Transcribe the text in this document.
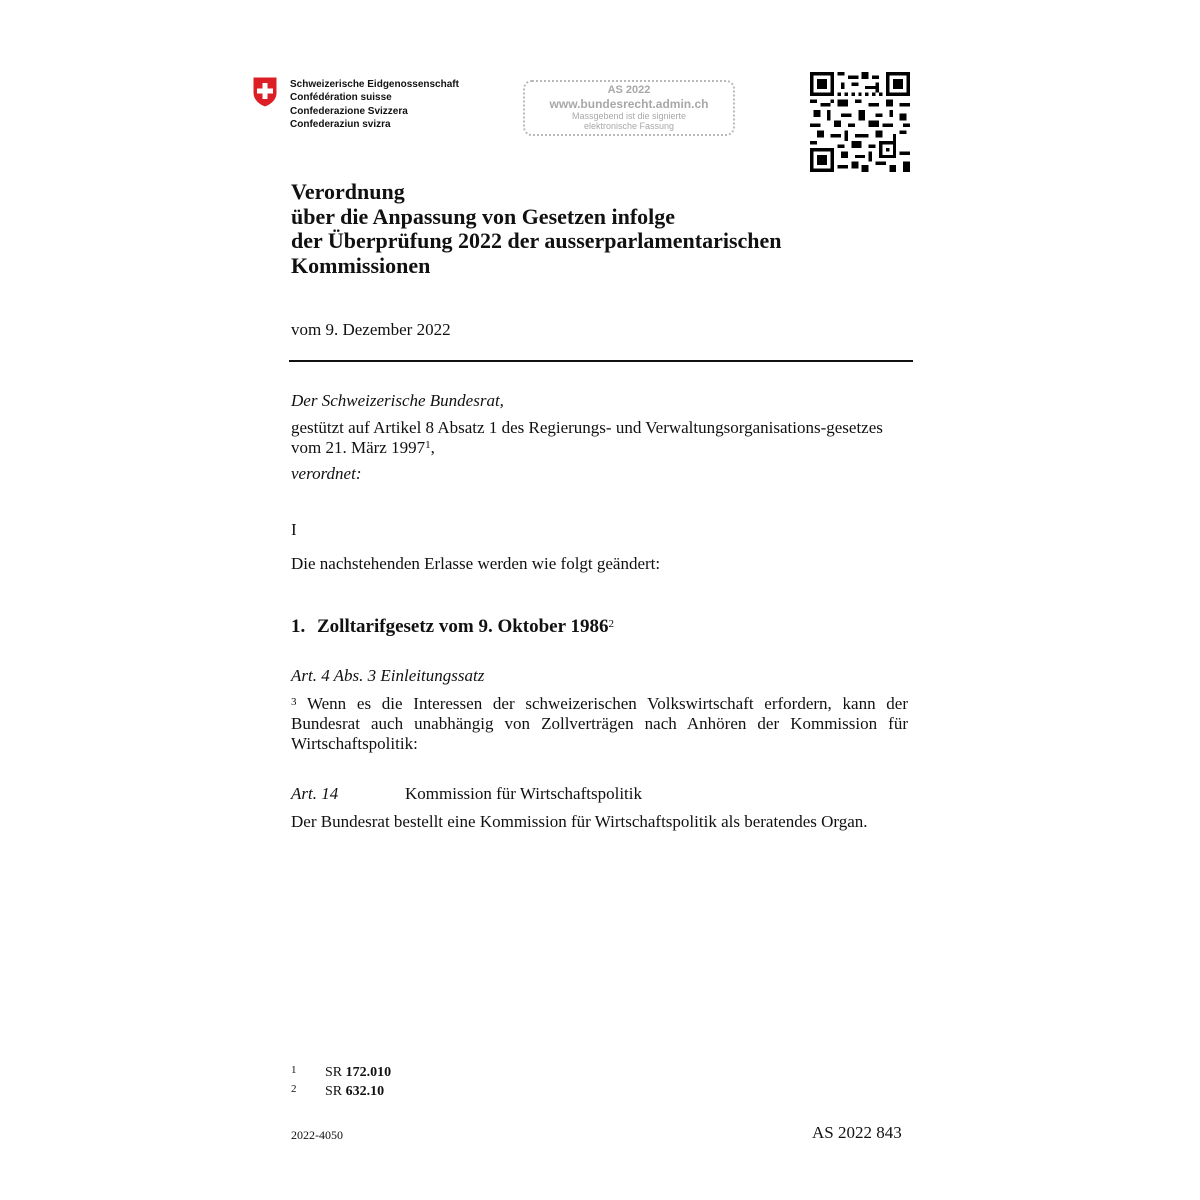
Schweizerische Eidgenossenschaft
Confédération suisse
Confederazione Svizzera
Confederaziun svizra
AS 2022
www.bundesrecht.admin.ch
Massgebend ist die signierte
elektronische Fassung
Verordnung
über die Anpassung von Gesetzen infolge
der Überprüfung 2022 der ausserparlamentarischen
Kommissionen
vom 9. Dezember 2022
Der Schweizerische Bundesrat,
gestützt auf Artikel 8 Absatz 1 des Regierungs- und Verwaltungsorganisations-gesetzes vom 21. März 1997$^1$,
verordnet:
I
Die nachstehenden Erlasse werden wie folgt geändert:
1. Zolltarifgesetz vom 9. Oktober 1986$^2$
Art. 4 Abs. 3 Einleitungssatz
$^3$ Wenn es die Interessen der schweizerischen Volkswirtschaft erfordern, kann der Bundesrat auch unabhängig von Zollverträgen nach Anhören der Kommission für Wirtschaftspolitik:
Art. 14	Kommission für Wirtschaftspolitik
Der Bundesrat bestellt eine Kommission für Wirtschaftspolitik als beratendes Organ.
1 SR 172.010
2 SR 632.10
2022-4050	AS 2022 843
